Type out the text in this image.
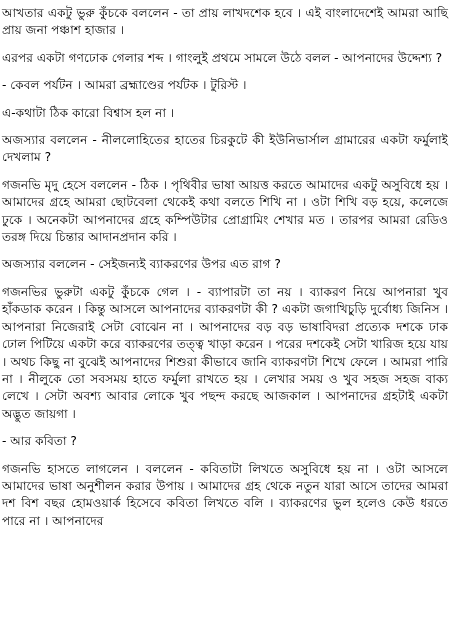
আখতার একটু ভুরু কুঁচকে বললেন - তা প্রায় লাখদশেক হবে । এই বাংলাদেশেই আমরা আছি প্রায় জনা পঞ্চাশ হাজার ।

এরপর একটা গণঢোক গেলার শব্দ । গাংলুই প্রথমে সামলে উঠে বলল - আপনাদের উদ্দেশ্য ?

- কেবল পর্যটন । আমরা ব্রহ্মাণ্ডের পর্যটক । টুরিস্ট ।

এ-কথাটা ঠিক কারো বিশ্বাস হল না ।

অজস্যার বললেন - নীললোহিতের হাতের চিরকুটে কী ইউনিভার্সাল গ্রামারের একটা ফর্মুলাই দেখলাম ?

গজনভি মৃদু হেসে বললেন - ঠিক । পৃথিবীর ভাষা আয়ত্ত করতে আমাদের একটু অসুবিধে হয় । আমাদের গ্রহে আমরা ছোটবেলা থেকেই কথা বলতে শিখি না । ওটা শিখি বড় হয়ে, কলেজে ঢুকে । অনেকটা আপনাদের গ্রহে কম্পিউটার প্রোগ্রামিং শেখার মত । তারপর আমরা রেডিও তরঙ্গ দিয়ে চিন্তার আদানপ্রদান করি ।

অজস্যার বললেন - সেইজন্যই ব্যাকরণের উপর এত রাগ ?

গজনভির ভুরুটা একটু কুঁচকে গেল । - ব্যাপারটা তা নয় । ব্যাকরণ নিয়ে আপনারা খুব হাঁকডাক করেন । কিন্তু আসলে আপনাদের ব্যাকরণটা কী ? একটা জগাখিচুড়ি দুর্বোধ্য জিনিস । আপনারা নিজেরাই সেটা বোঝেন না । আপনাদের বড় বড় ভাষাবিদরা প্রত্যেক দশকে ঢাক ঢোল পিটিয়ে একটা করে ব্যাকরণের তত্ত্ব খাড়া করেন । পরের দশকেই সেটা খারিজ হয়ে যায় । অথচ কিছু না বুঝেই আপনাদের শিশুরা কীভাবে জানি ব্যাকরণটা শিখে ফেলে । আমরা পারি না । নীলুকে তো সবসময় হাতে ফর্মুলা রাখতে হয় । লেখার সময় ও খুব সহজ সহজ বাক্য লেখে । সেটা অবশ্য আবার লোকে খুব পছন্দ করছে আজকাল । আপনাদের গ্রহটাই একটা অদ্ভুত জায়গা ।

- আর কবিতা ?

গজনভি হাসতে লাগলেন । বললেন - কবিতাটা লিখতে অসুবিধে হয় না । ওটা আসলে আমাদের ভাষা অনুশীলন করার উপায় । আমাদের গ্রহ থেকে নতুন যারা আসে তাদের আমরা দশ বিশ বছর হোমওয়ার্ক হিসেবে কবিতা লিখতে বলি । ব্যাকরণের ভুল হলেও কেউ ধরতে পারে না । আপনাদের
